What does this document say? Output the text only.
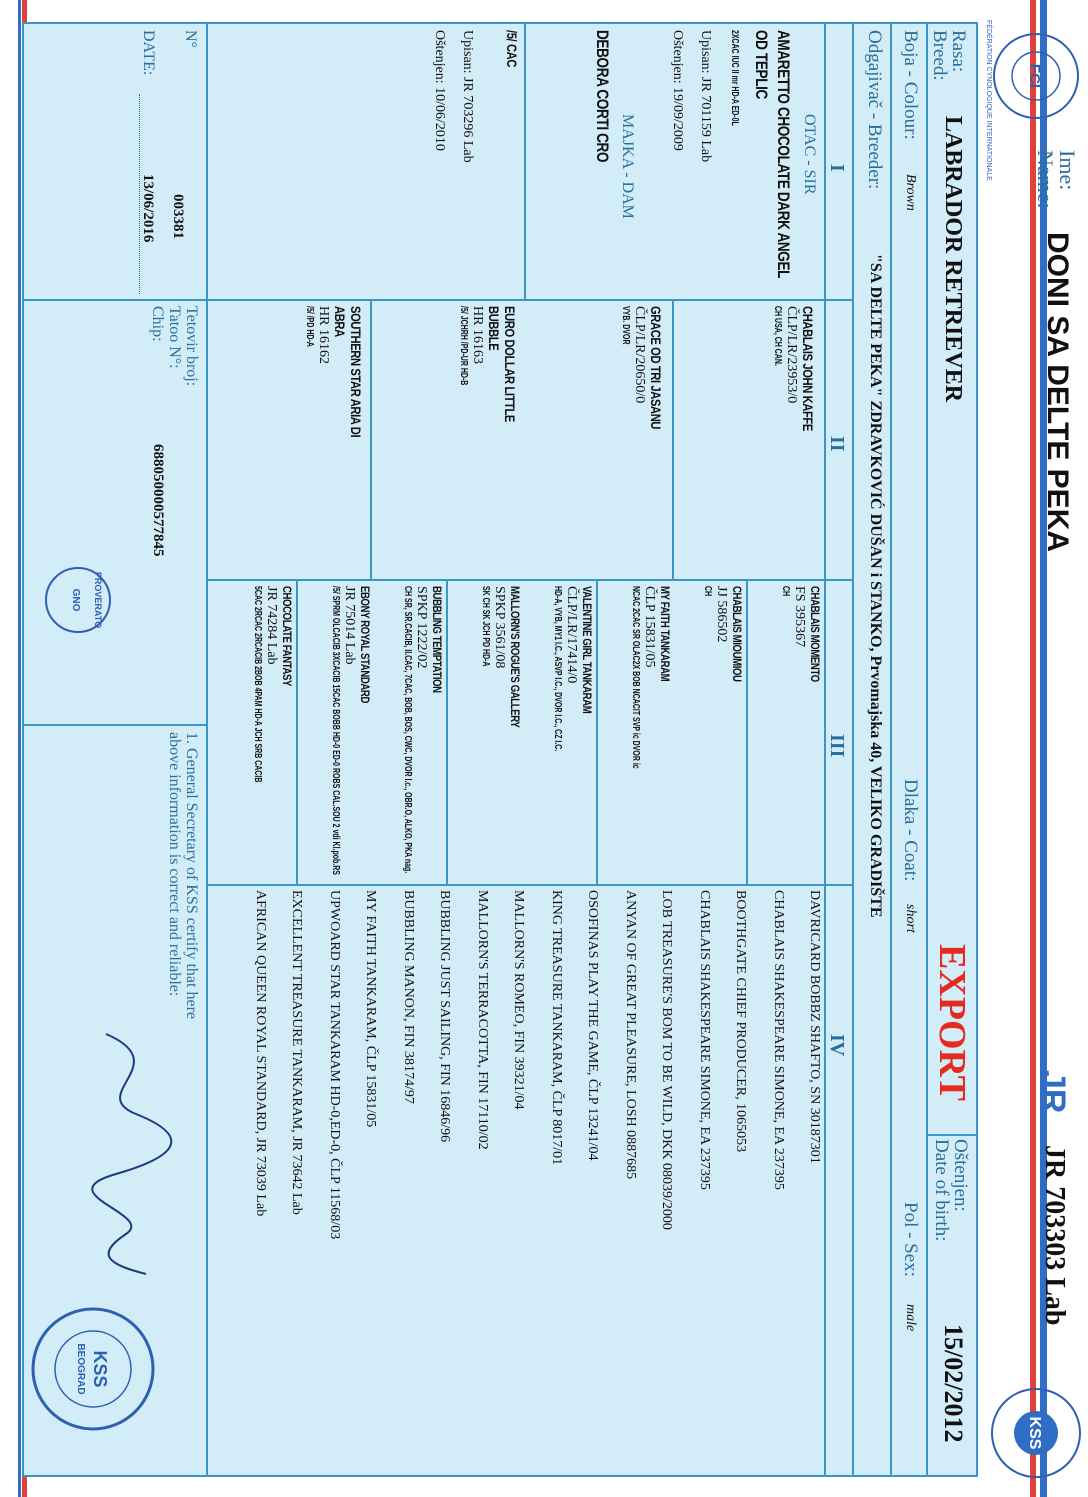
FCI
FÉDÉRATION CYNOLOGIQUE INTERNATIONALE	Ime:
Name:
DONI SA DELTE PEKA
JR
JR 703303 Lab
KSS
Rasa:
Breed:
LABRADOR RETRIEVER
EXPORT
Oštenjen:
Date of birth:
15/02/2012
Boja - Colour:
Brown
Dlaka - Coat:
short
Pol - Sex:
male
Odgajivač - Breeder:
"SA DELTE PEKA" ZDRAVKOVIĆ DUŠAN i STANKO, Prvomajska 40, VELIKO GRADIŠTE
I
II
III
IV
OTAC - SIR
AMARETTO CHOCOLATE DARK ANGEL OD TEPLIC
2XCAC IUC II mr HD-A ED-0L
Upisan: JR 701159 Lab
Oštenjen: 19/09/2009
MAJKA - DAM
DEBORA CORTI CRO
/5/ CAC
Upisan: JR 703296 Lab
Oštenjen: 10/06/2010
CHABLAIS JOHN KAFFE
ČLP/LR/23953/0
CH USA, CH CAN.
GRACE OD TRI JASANU
ČLP/LR/20650/0
VYB. DVOR
EURO DOLLAR LITTLE BUBBLE
HR 16163
/5/ JCHRH /PD-UR HD-B
SOUTHERN STAR ARIA DI ABRA
HR 16162
/5/ /PD HD-A
CHABLAIS MOMENTO
FS 395367
CH
CHABLAIS MIOUMIOU
JJ 586502
CH
MY FAITH TANKARAM
ČLP 15831/05
NCAC 2CAC SR OLAC2X BOB NCACIT SVP ic DVOR ic
VALENTINE GIRL TANKARAM
ČLP/LR/17414/0
HD-A, VYB, MY1 I.C., ASVP I.C., DVOR I.C., CZ I.C.
MALLORN'S ROGUE'S GALLERY
SPKP 3561/08
SK CH SK JCH PD HD-A
BUBBLING TEMPTATION
SPKP 1222/02
CH SR, SR.CACIB, II.CAC, 7CAC, BOB, BOS, CWC, DVOR I.c., OBR.O, ALKO, PKA nag.
EBONY ROYAL STANDARD
JR 75014 Lab
/5/ SPRM OLCACIB 3XCACIB 15CAC BOBB HD-0 ED-0 ROBS CAL.SOU 2 vdi Kl.pob.RS
CHOCOLATE FANTASY
JR 74284 Lab
5CAC 2RCAC 2RCACIB 2BOB 4PAM HD-A JCH SRB CACIB
DAVRICARD BOBBZ SHAFTO, SN 30187301
CHABLAIS SHAKESPEARE SIMONE, EA 237395
BOOTHGATE CHIEF PRODUCER, 1065053
CHABLAIS SHAKESPEARE SIMONE, EA 237395
LOB TREASURE'S BOM TO BE WILD, DKK 08039/2000
ANYAN OF GREAT PLEASURE, LOSH 0887685
OSOFINAS PLAY THE GAME, ČLP 13241/04
KING TREASURE TANKARAM, ČLP 8017/01
MALLORN'S ROMEO, FIN 39321/04
MALLORN'S TERRACOTTA, FIN 17110/02
BUBBLING JUST SAILING, FIN 16846/96
BUBBLING MANON, FIN 38174/97
MY FAITH TANKARAM, ČLP 15831/05
UPWOARD STAR TANKARAM HD-0,ED-0, ČLP 11568/03
EXCELLENT TREASURE TANKARAM, JR 73642 Lab
AFRICAN QUEEN ROYAL STANDARD, JR 73039 Lab
N°
003381
DATE:
13/06/2016
Tetovir broj:
Tatoo N°:
Chip:
688050000577845
1. General Secretary of KSS certify that here above information is correct and reliable:
KSS
BEOGRAD
PROVERATO
GNO
